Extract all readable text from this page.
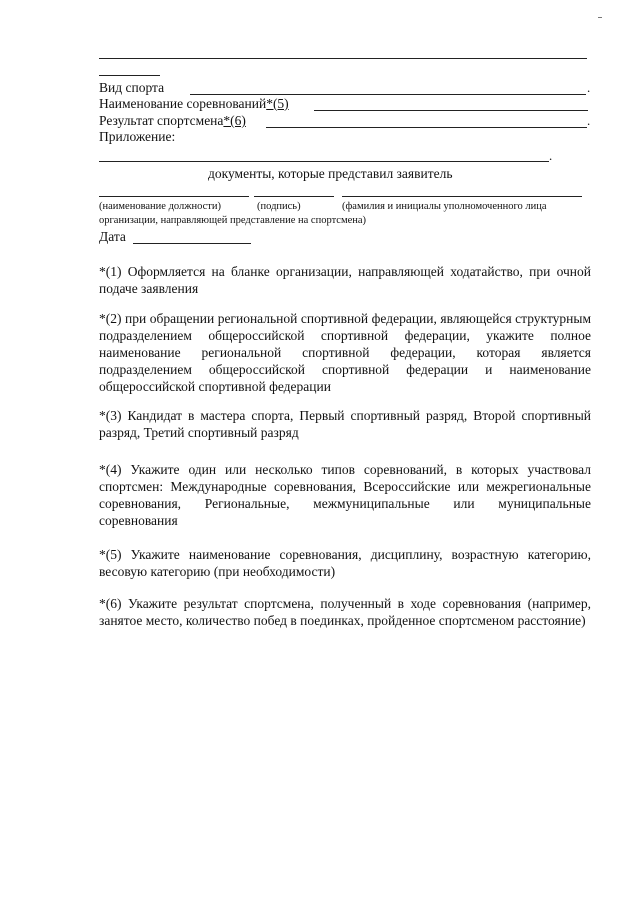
Вид спорта	.
Наименование соревнований*(5)
Результат спортсмена*(6)	.
Приложение:
.
документы, которые представил заявитель
(наименование должности)	(подпись)	(фамилия и инициалы уполномоченного лица
организации, направляющей представление на спортсмена)
Дата
*(1) Оформляется на бланке организации, направляющей ходатайство, при очной подаче заявления
*(2) при обращении региональной спортивной федерации, являющейся структурным подразделением общероссийской спортивной федерации, укажите полное наименование региональной спортивной федерации, которая является подразделением общероссийской спортивной федерации и наименование общероссийской спортивной федерации
*(3) Кандидат в мастера спорта, Первый спортивный разряд, Второй спортивный разряд, Третий спортивный разряд
*(4) Укажите один или несколько типов соревнований, в которых участвовал спортсмен: Международные соревнования, Всероссийские или межрегиональные соревнования, Региональные, межмуниципальные или муниципальные соревнования
*(5) Укажите наименование соревнования, дисциплину, возрастную категорию, весовую категорию (при необходимости)
*(6) Укажите результат спортсмена, полученный в ходе соревнования (например, занятое место, количество побед в поединках, пройденное спортсменом расстояние)
